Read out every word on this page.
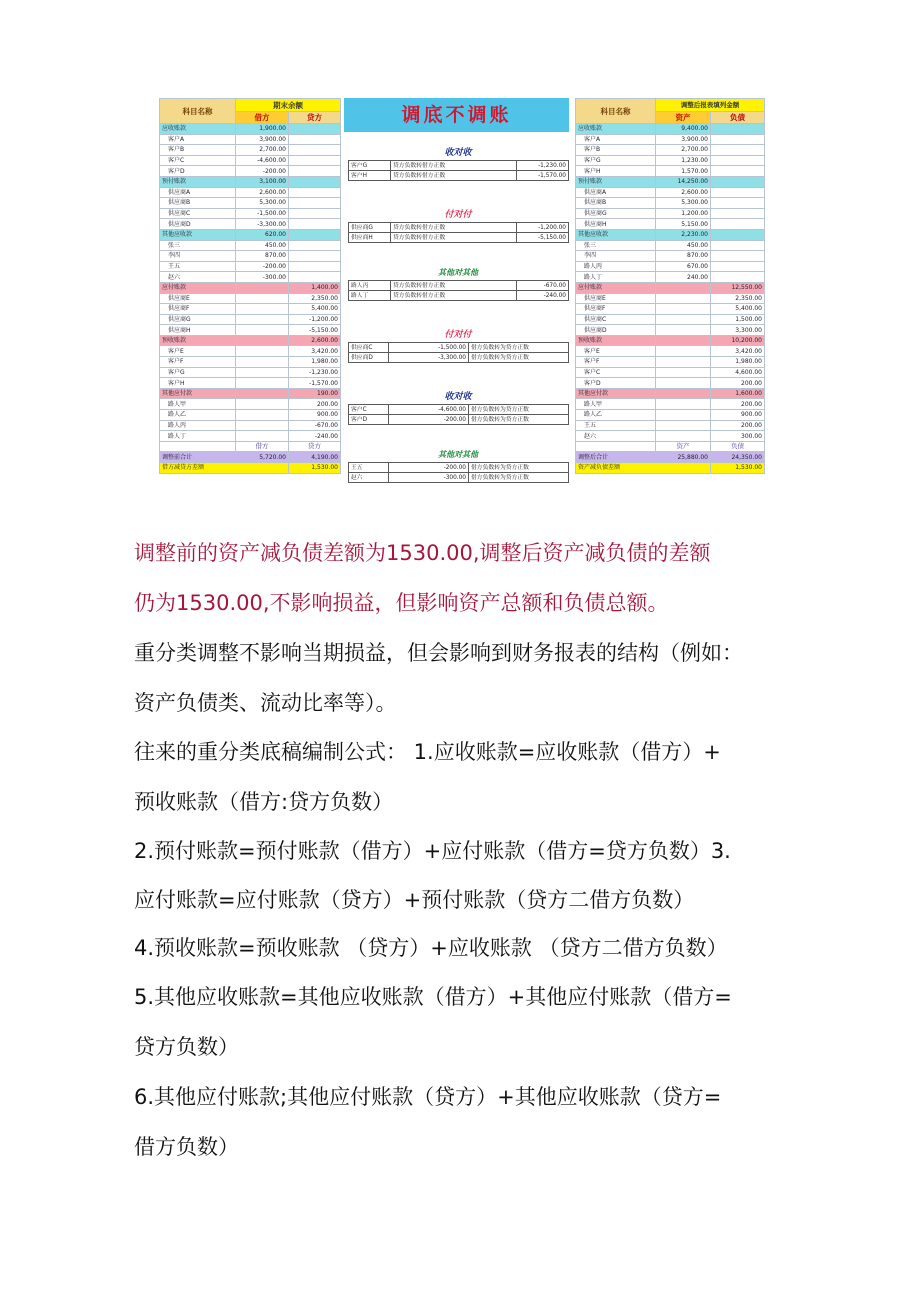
科目名称	期末余额	
	借方	贷方
应收账款	1,900.00	
客户A	3,900.00	
客户B	2,700.00	
客户C	-4,600.00	
客户D	-200.00	
预付账款	3,100.00	
供应商A	2,600.00	
供应商B	5,300.00	
供应商C	-1,500.00	
供应商D	-3,300.00	
其他应收款	620.00	
张三	450.00	
李四	870.00	
王五	-200.00	
赵六	-300.00	
应付账款		1,400.00
供应商E		2,350.00
供应商F		5,400.00
供应商G		-1,200.00
供应商H		-5,150.00
预收账款		2,600.00
客户E		3,420.00
客户F		1,980.00
客户G		-1,230.00
客户H		-1,570.00
其他应付款		190.00
路人甲		200.00
路人乙		900.00
路人丙		-670.00
路人丁		-240.00
	借方	贷方
调整前合计	5,720.00	4,190.00
借方减贷方差额		1,530.00
调底不调账
收对收
客户G	贷方负数转借方正数	-1,230.00
客户H	贷方负数转借方正数	-1,570.00
付对付
供应商G	贷方负数转借方正数	-1,200.00
供应商H	贷方负数转借方正数	-5,150.00
其他对其他
路人丙	贷方负数转借方正数	-670.00
路人丁	贷方负数转借方正数	-240.00
付对付
供应商C	-1,500.00	借方负数转为贷方正数
供应商D	-3,300.00	借方负数转为贷方正数
收对收
客户C	-4,600.00	借方负数转为贷方正数
客户D	-200.00	借方负数转为贷方正数
其他对其他
王五	-200.00	借方负数转为贷方正数
赵六	-300.00	借方负数转为贷方正数
科目名称	调整后报表填列金额	
	资产	负债
应收账款	9,400.00	
客户A	3,900.00	
客户B	2,700.00	
客户G	1,230.00	
客户H	1,570.00	
预付账款	14,250.00	
供应商A	2,600.00	
供应商B	5,300.00	
供应商G	1,200.00	
供应商H	5,150.00	
其他应收款	2,230.00	
张三	450.00	
李四	870.00	
路人丙	670.00	
路人丁	240.00	
应付账款		12,550.00
供应商E		2,350.00
供应商F		5,400.00
供应商C		1,500.00
供应商D		3,300.00
预收账款		10,200.00
客户E		3,420.00
客户F		1,980.00
客户C		4,600.00
客户D		200.00
其他应付款		1,600.00
路人甲		200.00
路人乙		900.00
王五		200.00
赵六		300.00
	资产	负债
调整后合计	25,880.00	24,350.00
资产减负债差额		1,530.00
调整前的资产减负债差额为1530.00,调整后资产减负债的差额
仍为1530.00,不影响损益，但影响资产总额和负债总额。
重分类调整不影响当期损益，但会影响到财务报表的结构（例如：
资产负债类、流动比率等）。
往来的重分类底稿编制公式： 1.应收账款=应收账款（借方）+
预收账款（借方:贷方负数）
2.预付账款=预付账款（借方）+应付账款（借方=贷方负数）3.
应付账款=应付账款（贷方）+预付账款（贷方二借方负数）
4.预收账款=预收账款 （贷方）+应收账款 （贷方二借方负数）
5.其他应收账款=其他应收账款（借方）+其他应付账款（借方=
贷方负数）
6.其他应付账款;其他应付账款（贷方）+其他应收账款（贷方=
借方负数）
